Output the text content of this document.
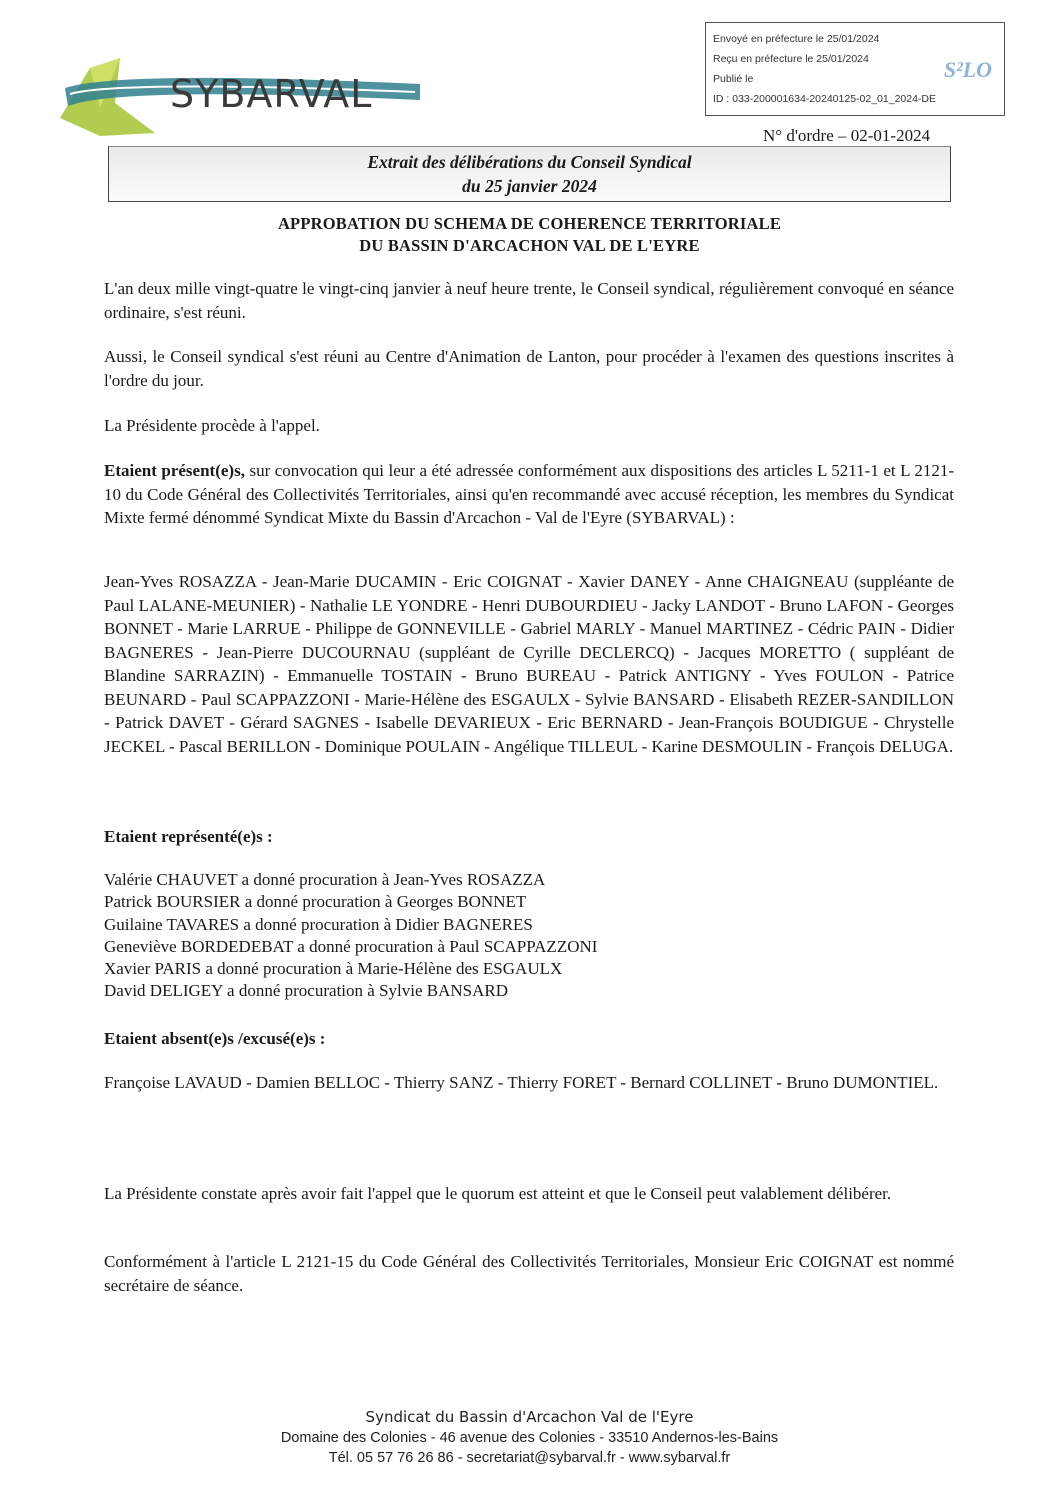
SYBARVAL
Envoyé en préfecture le 25/01/2024
Reçu en préfecture le 25/01/2024
Publié le
ID : 033-200001634-20240125-02_01_2024-DE
S²LO
N° d'ordre – 02-01-2024
Extrait des délibérations du Conseil Syndical
du 25 janvier 2024
APPROBATION DU SCHEMA DE COHERENCE TERRITORIALE
DU BASSIN D'ARCACHON VAL DE L'EYRE
L'an deux mille vingt-quatre le vingt-cinq janvier à neuf heure trente, le Conseil syndical, régulièrement convoqué en séance ordinaire, s'est réuni.
Aussi, le Conseil syndical s'est réuni au Centre d'Animation de Lanton, pour procéder à l'examen des questions inscrites à l'ordre du jour.
La Présidente procède à l'appel.
Etaient présent(e)s, sur convocation qui leur a été adressée conformément aux dispositions des articles L 5211-1 et L 2121-10 du Code Général des Collectivités Territoriales, ainsi qu'en recommandé avec accusé réception, les membres du Syndicat Mixte fermé dénommé Syndicat Mixte du Bassin d'Arcachon - Val de l'Eyre (SYBARVAL) :
Jean-Yves ROSAZZA - Jean-Marie DUCAMIN - Eric COIGNAT - Xavier DANEY - Anne CHAIGNEAU (suppléante de Paul LALANE-MEUNIER) - Nathalie LE YONDRE - Henri DUBOURDIEU - Jacky LANDOT - Bruno LAFON - Georges BONNET - Marie LARRUE - Philippe de GONNEVILLE - Gabriel MARLY - Manuel MARTINEZ - Cédric PAIN - Didier BAGNERES - Jean-Pierre DUCOURNAU (suppléant de Cyrille DECLERCQ) - Jacques MORETTO ( suppléant de Blandine SARRAZIN) - Emmanuelle TOSTAIN - Bruno BUREAU - Patrick ANTIGNY - Yves FOULON - Patrice BEUNARD - Paul SCAPPAZZONI - Marie-Hélène des ESGAULX - Sylvie BANSARD - Elisabeth REZER-SANDILLON - Patrick DAVET - Gérard SAGNES - Isabelle DEVARIEUX - Eric BERNARD - Jean-François BOUDIGUE - Chrystelle JECKEL - Pascal BERILLON - Dominique POULAIN - Angélique TILLEUL - Karine DESMOULIN - François DELUGA.
Etaient représenté(e)s :
Valérie CHAUVET a donné procuration à Jean-Yves ROSAZZA
Patrick BOURSIER a donné procuration à Georges BONNET
Guilaine TAVARES a donné procuration à Didier BAGNERES
Geneviève BORDEDEBAT a donné procuration à Paul SCAPPAZZONI
Xavier PARIS a donné procuration à Marie-Hélène des ESGAULX
David DELIGEY a donné procuration à Sylvie BANSARD
Etaient absent(e)s /excusé(e)s :
Françoise LAVAUD - Damien BELLOC - Thierry SANZ - Thierry FORET - Bernard COLLINET - Bruno DUMONTIEL.
La Présidente constate après avoir fait l'appel que le quorum est atteint et que le Conseil peut valablement délibérer.
Conformément à l'article L 2121-15 du Code Général des Collectivités Territoriales, Monsieur Eric COIGNAT est nommé secrétaire de séance.
Syndicat du Bassin d'Arcachon Val de l'Eyre
Domaine des Colonies - 46 avenue des Colonies - 33510 Andernos-les-Bains
Tél. 05 57 76 26 86 - secretariat@sybarval.fr - www.sybarval.fr
